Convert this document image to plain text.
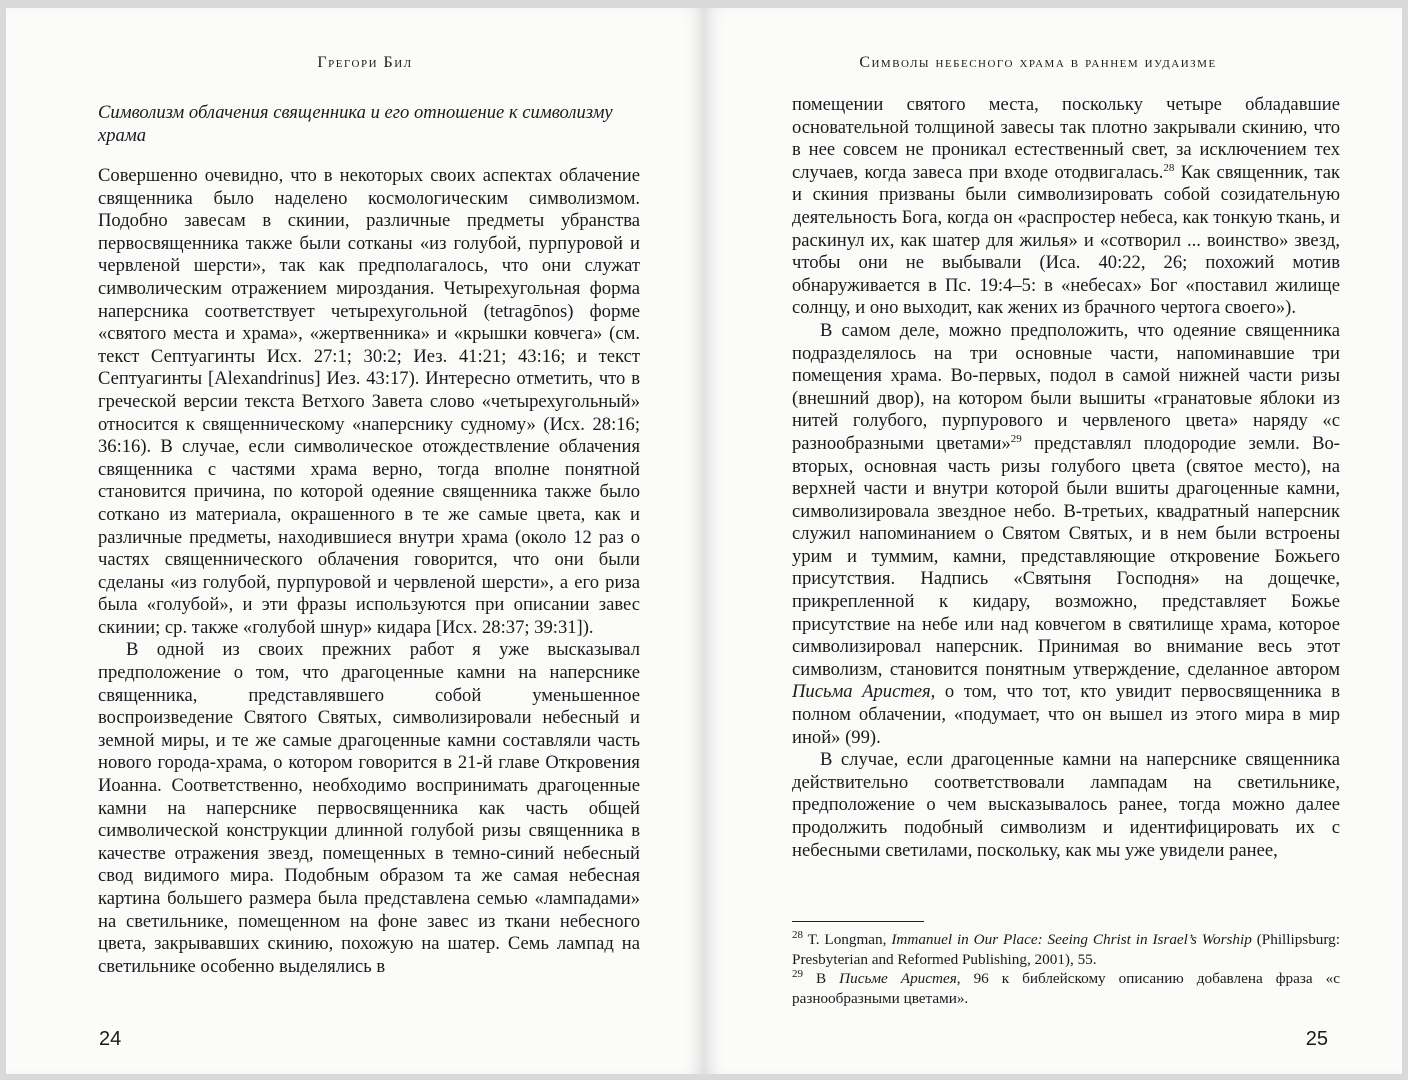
Грегори Бил
Символизм облачения священника и его отношение к символизму храма

Совершенно очевидно, что в некоторых своих аспектах облачение священника было наделено космологическим символизмом. Подобно завесам в скинии, различные предметы убранства первосвященника также были сотканы «из голубой, пурпуровой и червленой шерсти», так как предполагалось, что они служат символическим отражением мироздания. Четырехугольная форма наперсника соответствует четырехугольной (tetragōnos) форме «святого места и храма», «жертвенника» и «крышки ковчега» (см. текст Септуагинты Исх. 27:1; 30:2; Иез. 41:21; 43:16; и текст Септуагинты [Alexandrinus] Иез. 43:17). Интересно отметить, что в греческой версии текста Ветхого Завета слово «четырехугольный» относится к священническому «наперснику судному» (Исх. 28:16; 36:16). В случае, если символическое отождествление облачения священника с частями храма верно, тогда вполне понятной становится причина, по которой одеяние священника также было соткано из материала, окрашенного в те же самые цвета, как и различные предметы, находившиеся внутри храма (около 12 раз о частях священнического облачения говорится, что они были сделаны «из голубой, пурпуровой и червленой шерсти», а его риза была «голубой», и эти фразы используются при описании завес скинии; ср. также «голубой шнур» кидара [Исх. 28:37; 39:31]).

В одной из своих прежних работ я уже высказывал предположение о том, что драгоценные камни на наперснике священника, представлявшего собой уменьшенное воспроизведение Святого Святых, символизировали небесный и земной миры, и те же самые драгоценные камни составляли часть нового города-храма, о котором говорится в 21-й главе Откровения Иоанна. Соответственно, необходимо воспринимать драгоценные камни на наперснике первосвященника как часть общей символической конструкции длинной голубой ризы священника в качестве отражения звезд, помещенных в темно-синий небесный свод видимого мира. Подобным образом та же самая небесная картина большего размера была представлена семью «лампадами» на светильнике, помещенном на фоне завес из ткани небесного цвета, закрывавших скинию, похожую на шатер. Семь лампад на светильнике особенно выделялись в

24
Символы небесного храма в раннем иудаизме

помещении святого места, поскольку четыре обладавшие основательной толщиной завесы так плотно закрывали скинию, что в нее совсем не проникал естественный свет, за исключением тех случаев, когда завеса при входе отодвигалась.$^{28}$ Как священник, так и скиния призваны были символизировать собой созидательную деятельность Бога, когда он «распростер небеса, как тонкую ткань, и раскинул их, как шатер для жилья» и «сотворил ... воинство» звезд, чтобы они не выбывали (Иса. 40:22, 26; похожий мотив обнаруживается в Пс. 19:4–5: в «небесах» Бог «поставил жилище солнцу, и оно выходит, как жених из брачного чертога своего»).

В самом деле, можно предположить, что одеяние священника подразделялось на три основные части, напоминавшие три помещения храма. Во-первых, подол в самой нижней части ризы (внешний двор), на котором были вышиты «гранатовые яблоки из нитей голубого, пурпурового и червленого цвета» наряду «с разнообразными цветами»$^{29}$ представлял плодородие земли. Во-вторых, основная часть ризы голубого цвета (святое место), на верхней части и внутри которой были вшиты драгоценные камни, символизировала звездное небо. В-третьих, квадратный наперсник служил напоминанием о Святом Святых, и в нем были встроены урим и туммим, камни, представляющие откровение Божьего присутствия. Надпись «Святыня Господня» на дощечке, прикрепленной к кидару, возможно, представляет Божье присутствие на небе или над ковчегом в святилище храма, которое символизировал наперсник. Принимая во внимание весь этот символизм, становится понятным утверждение, сделанное автором Письма Аристея, о том, что тот, кто увидит первосвященника в полном облачении, «подумает, что он вышел из этого мира в мир иной» (99).

В случае, если драгоценные камни на наперснике священника действительно соответствовали лампадам на светильнике, предположение о чем высказывалось ранее, тогда можно далее продолжить подобный символизм и идентифицировать их с небесными светилами, поскольку, как мы уже увидели ранее,

$^{28}$ T. Longman, Immanuel in Our Place: Seeing Christ in Israel’s Worship (Phillipsburg: Presbyterian and Reformed Publishing, 2001), 55.

$^{29}$ В Письме Аристея, 96 к библейскому описанию добавлена фраза «с разнообразными цветами».

25
